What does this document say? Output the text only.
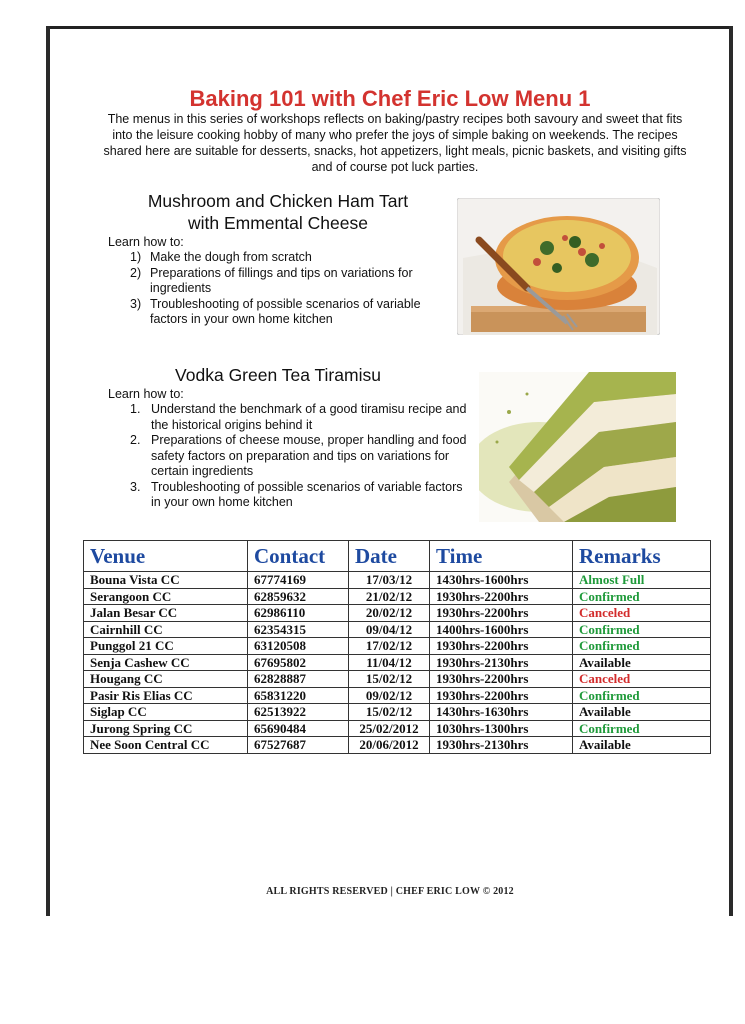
Baking 101 with Chef Eric Low Menu 1
The menus in this series of workshops reflects on baking/pastry recipes both savoury and sweet that fits into the leisure cooking hobby of many who prefer the joys of simple baking on weekends. The recipes shared here are suitable for desserts, snacks, hot appetizers, light meals, picnic baskets, and visiting gifts and of course pot luck parties.
Mushroom and Chicken Ham Tart
with Emmental Cheese
Learn how to:
1) Make the dough from scratch
2) Preparations of fillings and tips on variations for ingredients
3) Troubleshooting of possible scenarios of variable factors in your own home kitchen
Vodka Green Tea Tiramisu
Learn how to:
1. Understand the benchmark of a good tiramisu recipe and the historical origins behind it
2. Preparations of cheese mouse, proper handling and food safety factors on preparation and tips on variations for certain ingredients
3. Troubleshooting of possible scenarios of variable factors in your own home kitchen
Venue	Contact	Date	Time	Remarks
Bouna Vista CC	67774169	17/03/12	1430hrs-1600hrs	Almost Full
Serangoon CC	62859632	21/02/12	1930hrs-2200hrs	Confirmed
Jalan Besar CC	62986110	20/02/12	1930hrs-2200hrs	Canceled
Cairnhill CC	62354315	09/04/12	1400hrs-1600hrs	Confirmed
Punggol 21 CC	63120508	17/02/12	1930hrs-2200hrs	Confirmed
Senja Cashew CC	67695802	11/04/12	1930hrs-2130hrs	Available
Hougang CC	62828887	15/02/12	1930hrs-2200hrs	Canceled
Pasir Ris Elias CC	65831220	09/02/12	1930hrs-2200hrs	Confirmed
Siglap CC	62513922	15/02/12	1430hrs-1630hrs	Available
Jurong Spring CC	65690484	25/02/2012	1030hrs-1300hrs	Confirmed
Nee Soon Central CC	67527687	20/06/2012	1930hrs-2130hrs	Available
ALL RIGHTS RESERVED | CHEF ERIC LOW © 2012
